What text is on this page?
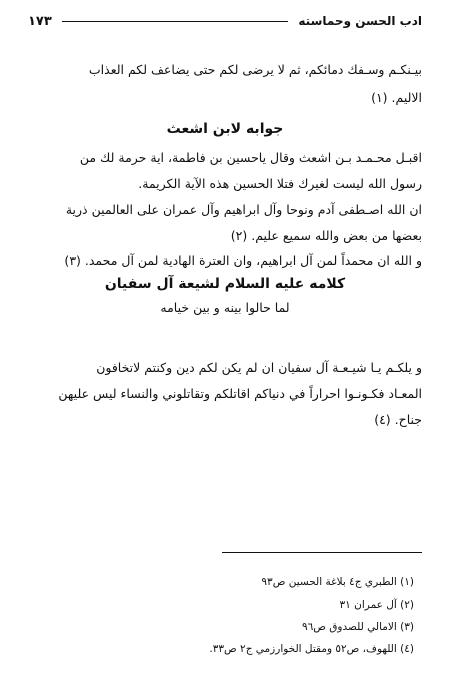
ادب الحسن وحماسته
١٧٣
بيـنكـم وسـفك دمائكم، ثم لا يرضى لكم حتى يضاعف لكم العذاب
الاليم. (١)
جوابه لابن اشعث
اقبـل محـمـد بـن اشعث وقال ياحسين بن فاطمة، اية حرمة لك من
رسول الله ليست لغيرك فتلا الحسين هذه الآية الكريمة.
ان الله اصـطفى آدم ونوحا وآل ابراهيم وآل عمران على العالمين ذرية
بعضها من بعض والله سميع عليم. (٢)
و الله ان محمداً لمن آل ابراهيم، وان العترة الهادية لمن آل محمد. (٣)
كلامه عليه السلام لشيعة آل سفيان
لما حالوا بينه و بين خيامه
و يلكـم يـا شيـعـة آل سفيان ان لم يكن لكم دين وكنتم لاتخافون
المعـاد فكـونـوا احراراً في دنياكم اقاتلكم وتقاتلوني والنساء ليس عليهن
جناح. (٤)
(١) الطبري ج٤ بلاغة الحسين ص٩٣
(٢) آل عمران ٣١
(٣) الامالي للصدوق ص٩٦
(٤) اللهوف، ص٥٢ ومقتل الخوارزمي ج٢ ص٣٣.
